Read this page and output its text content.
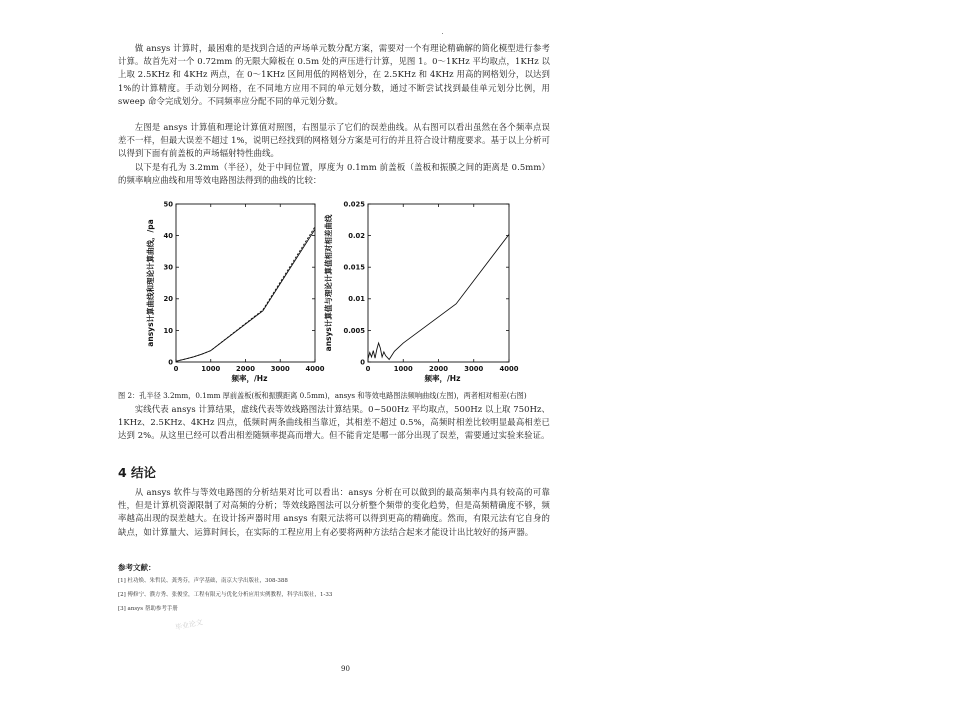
做 ansys 计算时，最困难的是找到合适的声场单元数分配方案，需要对一个有理论精确解的简化模型进行参考计算。故首先对一个 0.72mm 的无限大障板在 0.5m 处的声压进行计算，见图 1。0～1KHz 平均取点，1KHz 以上取 2.5KHz 和 4KHz 两点，在 0～1KHz 区间用低的网格划分，在 2.5KHz 和 4KHz 用高的网格划分，以达到 1%的计算精度。手动划分网格，在不同地方应用不同的单元划分数，通过不断尝试找到最佳单元划分比例，用 sweep 命令完成划分。不同频率应分配不同的单元划分数。

左图是 ansys 计算值和理论计算值对照图，右图显示了它们的误差曲线。从右图可以看出虽然在各个频率点误差不一样，但最大误差不超过 1%，说明已经找到的网格划分方案是可行的并且符合设计精度要求。基于以上分析可以得到下面有前盖板的声场辐射特性曲线。

以下是有孔为 3.2mm（半径），处于中间位置，厚度为 0.1mm 前盖板（盖板和振膜之间的距离是 0.5mm）的频率响应曲线和用等效电路图法得到的曲线的比较：

0	1000 2000 3000 4000
0
10
20
30
40
50
频率，/Hz
ansys计算曲线和理论计算曲线，/pa
0	1000 2000 3000 4000
0
0.005
0.01
0.015
0.02
0.025
频率，/Hz
ansys计算值与理论计算值相对相差曲线

图 2：孔半径 3.2mm，0.1mm 厚前盖板(板和振膜距离 0.5mm)，ansys 和等效电路图法频响曲线(左图)，两者相对相差(右图)

实线代表 ansys 计算结果，虚线代表等效线路图法计算结果。0~500Hz 平均取点，500Hz 以上取 750Hz、1KHz、2.5KHz、4KHz 四点，低频时两条曲线相当靠近，其相差不超过 0.5%，高频时相差比较明显最高相差已达到 2%。从这里已经可以看出相差随频率提高而增大。但不能肯定是哪一部分出现了误差，需要通过实验来验证。

4 结论

从 ansys 软件与等效电路图的分析结果对比可以看出：ansys 分析在可以做到的最高频率内具有较高的可靠性，但是计算机资源限制了对高频的分析；等效线路图法可以分析整个频带的变化趋势，但是高频精确度不够，频率越高出现的误差越大。在设计扬声器时用 ansys 有限元法将可以得到更高的精确度。然而，有限元法有它自身的缺点，如计算量大、运算时间长，在实际的工程应用上有必要将两种方法结合起来才能设计出比较好的扬声器。

参考文献：
[1] 杜功焕、朱哲民、龚秀芬，声学基础，南京大学出版社，308-388
[2] 傅修宁、濮方秀、张俊堂，工程有限元与优化分析应用实例教程，科学出版社，1-33
[3] ansys 帮助参考手册
毕业论文
90
